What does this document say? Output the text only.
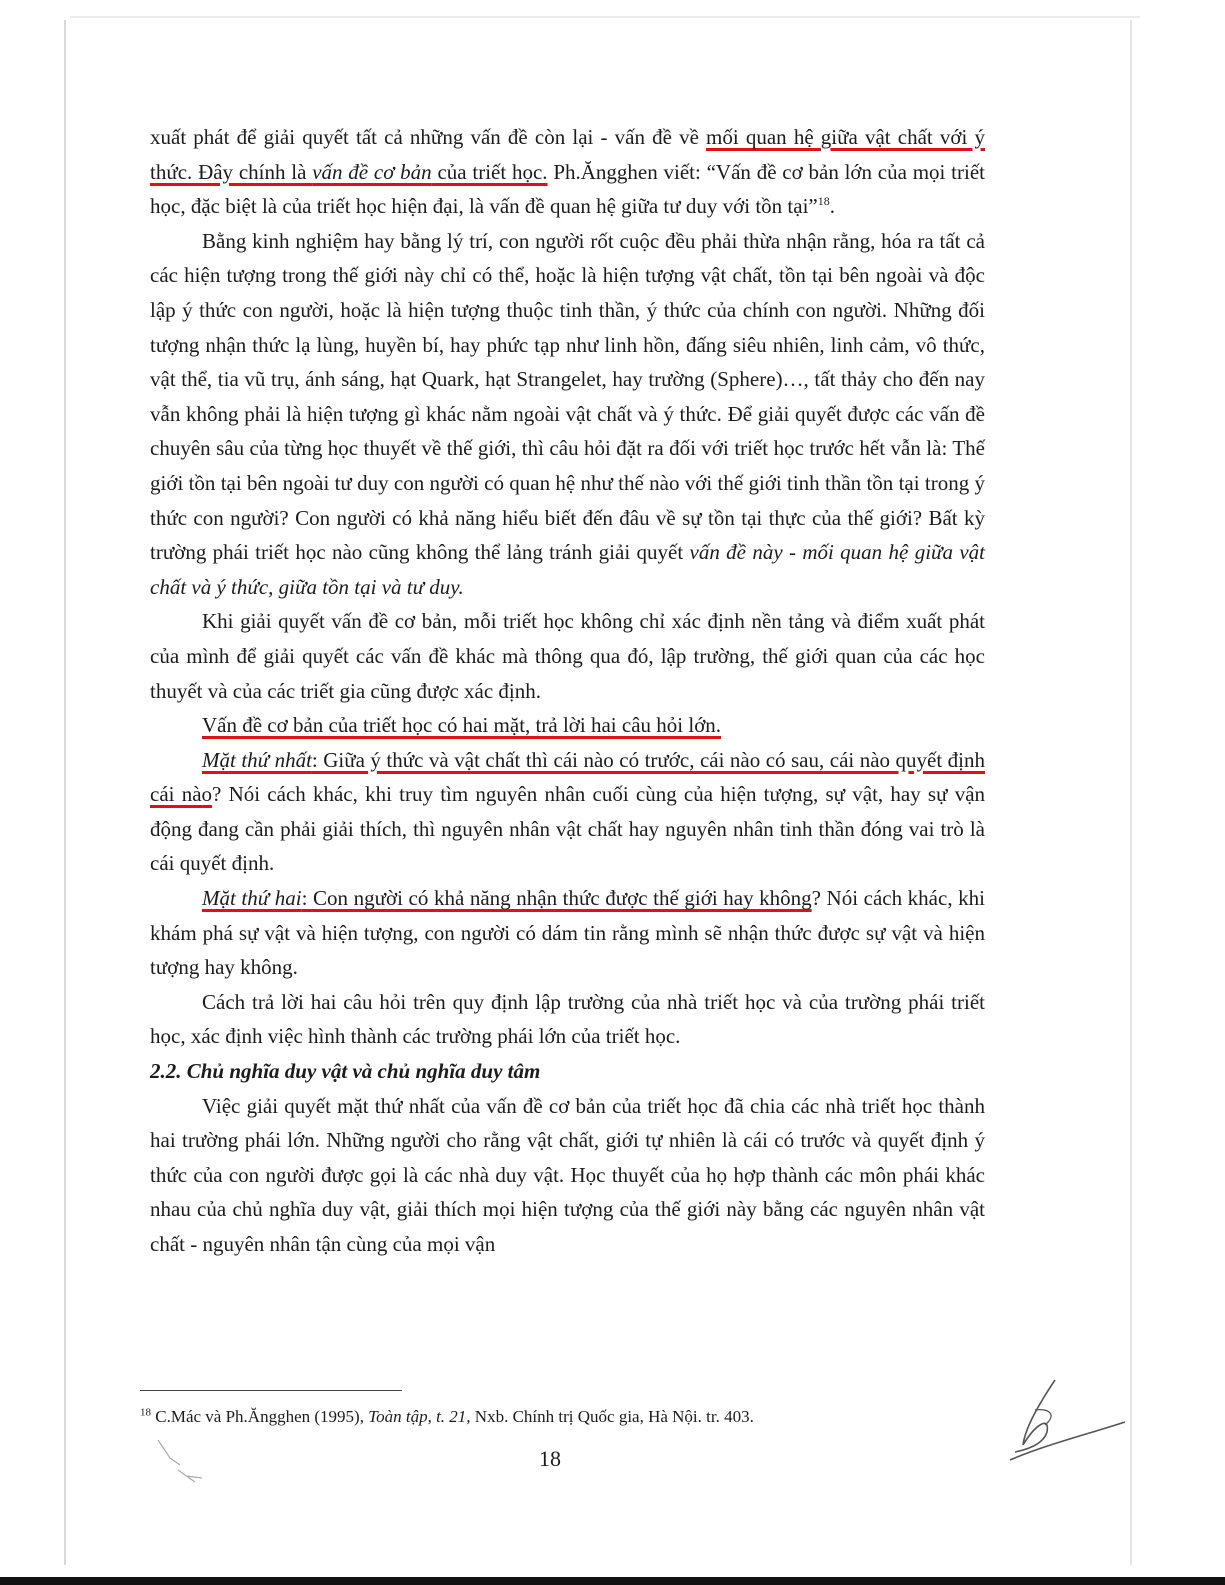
xuất phát để giải quyết tất cả những vấn đề còn lại - vấn đề về mối quan hệ giữa vật chất với ý thức. Đây chính là vấn đề cơ bản của triết học. Ph.Ăngghen viết: “Vấn đề cơ bản lớn của mọi triết học, đặc biệt là của triết học hiện đại, là vấn đề quan hệ giữa tư duy với tồn tại”$^{18}$.

Bằng kinh nghiệm hay bằng lý trí, con người rốt cuộc đều phải thừa nhận rằng, hóa ra tất cả các hiện tượng trong thế giới này chỉ có thể, hoặc là hiện tượng vật chất, tồn tại bên ngoài và độc lập ý thức con người, hoặc là hiện tượng thuộc tinh thần, ý thức của chính con người. Những đối tượng nhận thức lạ lùng, huyền bí, hay phức tạp như linh hồn, đấng siêu nhiên, linh cảm, vô thức, vật thể, tia vũ trụ, ánh sáng, hạt Quark, hạt Strangelet, hay trường (Sphere)…, tất thảy cho đến nay vẫn không phải là hiện tượng gì khác nằm ngoài vật chất và ý thức. Để giải quyết được các vấn đề chuyên sâu của từng học thuyết về thế giới, thì câu hỏi đặt ra đối với triết học trước hết vẫn là: Thế giới tồn tại bên ngoài tư duy con người có quan hệ như thế nào với thế giới tinh thần tồn tại trong ý thức con người? Con người có khả năng hiểu biết đến đâu về sự tồn tại thực của thế giới? Bất kỳ trường phái triết học nào cũng không thể lảng tránh giải quyết vấn đề này - mối quan hệ giữa vật chất và ý thức, giữa tồn tại và tư duy.

Khi giải quyết vấn đề cơ bản, mỗi triết học không chỉ xác định nền tảng và điểm xuất phát của mình để giải quyết các vấn đề khác mà thông qua đó, lập trường, thế giới quan của các học thuyết và của các triết gia cũng được xác định.

Vấn đề cơ bản của triết học có hai mặt, trả lời hai câu hỏi lớn.

Mặt thứ nhất: Giữa ý thức và vật chất thì cái nào có trước, cái nào có sau, cái nào quyết định cái nào? Nói cách khác, khi truy tìm nguyên nhân cuối cùng của hiện tượng, sự vật, hay sự vận động đang cần phải giải thích, thì nguyên nhân vật chất hay nguyên nhân tinh thần đóng vai trò là cái quyết định.

Mặt thứ hai: Con người có khả năng nhận thức được thế giới hay không? Nói cách khác, khi khám phá sự vật và hiện tượng, con người có dám tin rằng mình sẽ nhận thức được sự vật và hiện tượng hay không.

Cách trả lời hai câu hỏi trên quy định lập trường của nhà triết học và của trường phái triết học, xác định việc hình thành các trường phái lớn của triết học.

2.2. Chủ nghĩa duy vật và chủ nghĩa duy tâm

Việc giải quyết mặt thứ nhất của vấn đề cơ bản của triết học đã chia các nhà triết học thành hai trường phái lớn. Những người cho rằng vật chất, giới tự nhiên là cái có trước và quyết định ý thức của con người được gọi là các nhà duy vật. Học thuyết của họ hợp thành các môn phái khác nhau của chủ nghĩa duy vật, giải thích mọi hiện tượng của thế giới này bằng các nguyên nhân vật chất - nguyên nhân tận cùng của mọi vận

$^{18}$ C.Mác và Ph.Ăngghen (1995), Toàn tập, t. 21, Nxb. Chính trị Quốc gia, Hà Nội. tr. 403.
18
